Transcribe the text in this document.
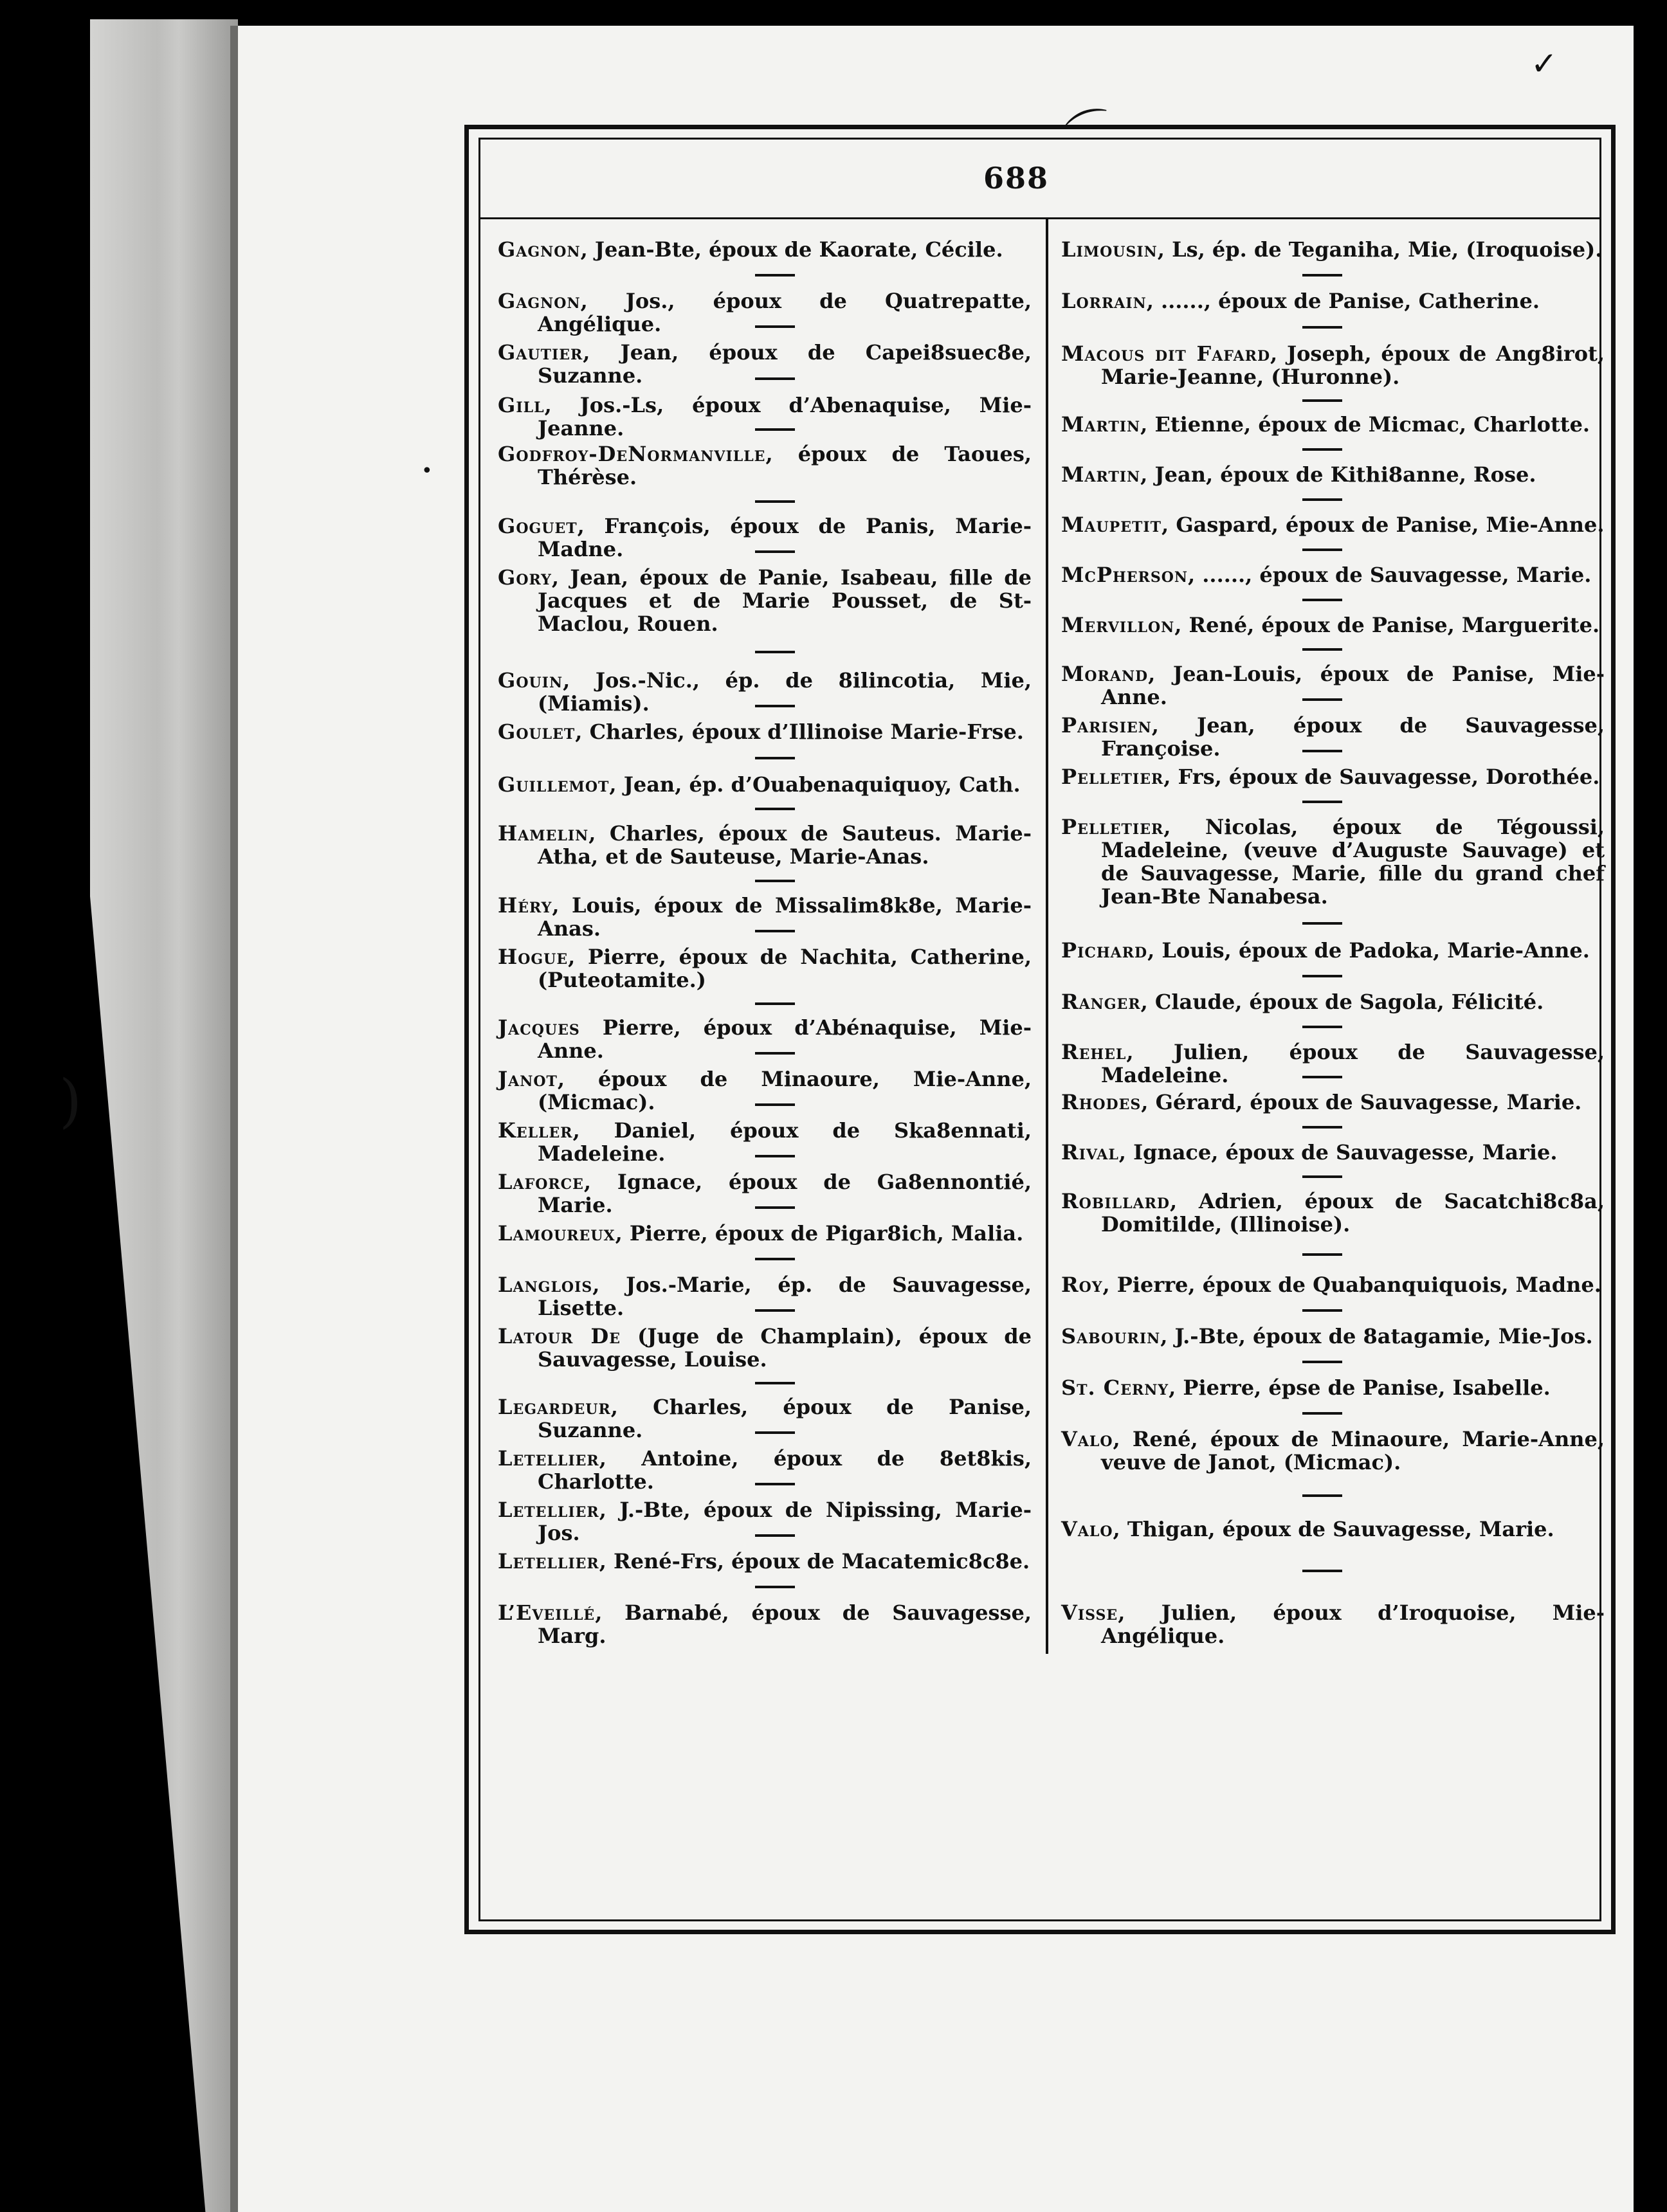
688
✓
⌒
)
•
Gagnon, Jean-Bte, époux de Kaorate, Cécile.
Gagnon, Jos., époux de Quatrepatte, Angélique.
Gautier, Jean, époux de Capei8suec8e, Suzanne.
Gill, Jos.-Ls, époux d’Abenaquise, Mie-Jeanne.
Godfroy-DeNormanville, époux de Taoues, Thérèse.
Goguet, François, époux de Panis, Marie-Madne.
Gory, Jean, époux de Panie, Isabeau, fille de Jacques et de Marie Pousset, de St-Maclou, Rouen.
Gouin, Jos.-Nic., ép. de 8ilincotia, Mie, (Miamis).
Goulet, Charles, époux d’Illinoise Marie-Frse.
Guillemot, Jean, ép. d’Ouabenaquiquoy, Cath.
Hamelin, Charles, époux de Sauteus. Marie-Atha, et de Sauteuse, Marie-Anas.
Héry, Louis, époux de Missalim8k8e, Marie-Anas.
Hogue, Pierre, époux de Nachita, Catherine, (Puteotamite.)
Jacques Pierre, époux d’Abénaquise, Mie-Anne.
Janot, époux de Minaoure, Mie-Anne, (Micmac).
Keller, Daniel, époux de Ska8ennati, Madeleine.
Laforce, Ignace, époux de Ga8ennontié, Marie.
Lamoureux, Pierre, époux de Pigar8ich, Malia.
Langlois, Jos.-Marie, ép. de Sauvagesse, Lisette.
Latour De (Juge de Champlain), époux de Sauvagesse, Louise.
Legardeur, Charles, époux de Panise, Suzanne.
Letellier, Antoine, époux de 8et8kis, Charlotte.
Letellier, J.-Bte, époux de Nipissing, Marie-Jos.
Letellier, René-Frs, époux de Macatemic8c8e.
L’Eveillé, Barnabé, époux de Sauvagesse, Marg.
Limousin, Ls, ép. de Teganiha, Mie, (Iroquoise).
Lorrain, ......, époux de Panise, Catherine.
Macous dit Fafard, Joseph, époux de Ang8irot, Marie-Jeanne, (Huronne).
Martin, Etienne, époux de Micmac, Charlotte.
Martin, Jean, époux de Kithi8anne, Rose.
Maupetit, Gaspard, époux de Panise, Mie-Anne.
McPherson, ......, époux de Sauvagesse, Marie.
Mervillon, René, époux de Panise, Marguerite.
Morand, Jean-Louis, époux de Panise, Mie-Anne.
Parisien, Jean, époux de Sauvagesse, Françoise.
Pelletier, Frs, époux de Sauvagesse, Dorothée.
Pelletier, Nicolas, époux de Tégoussi, Madeleine, (veuve d’Auguste Sauvage) et de Sauvagesse, Marie, fille du grand chef Jean-Bte Nanabesa.
Pichard, Louis, époux de Padoka, Marie-Anne.
Ranger, Claude, époux de Sagola, Félicité.
Rehel, Julien, époux de Sauvagesse, Madeleine.
Rhodes, Gérard, époux de Sauvagesse, Marie.
Rival, Ignace, époux de Sauvagesse, Marie.
Robillard, Adrien, époux de Sacatchi8c8a, Domitilde, (Illinoise).
Roy, Pierre, époux de Quabanquiquois, Madne.
Sabourin, J.-Bte, époux de 8atagamie, Mie-Jos.
St. Cerny, Pierre, épse de Panise, Isabelle.
Valo, René, époux de Minaoure, Marie-Anne, veuve de Janot, (Micmac).
Valo, Thigan, époux de Sauvagesse, Marie.
Visse, Julien, époux d’Iroquoise, Mie-Angélique.
